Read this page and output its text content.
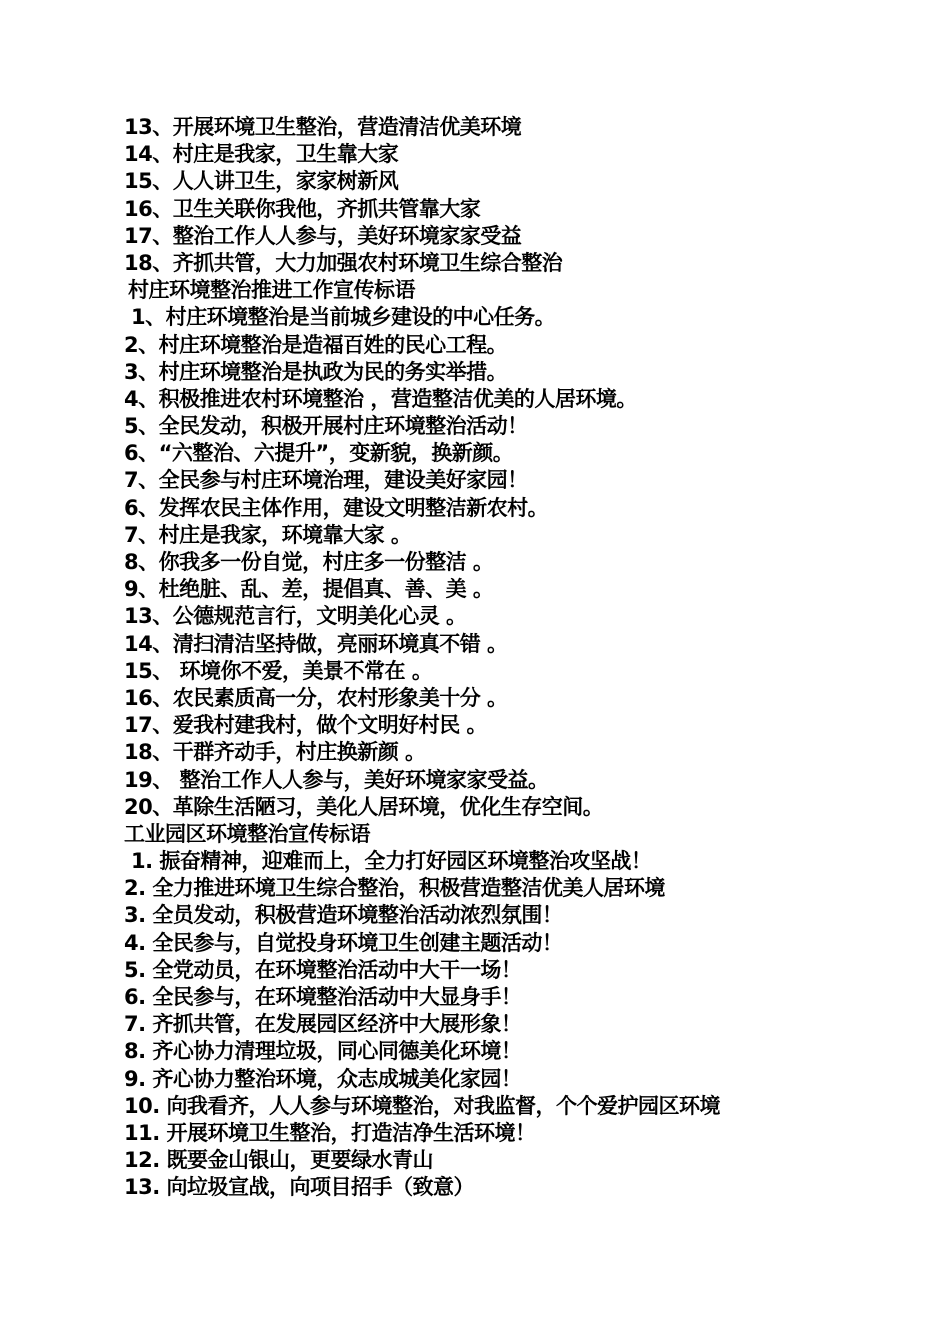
13、开展环境卫生整治，营造清洁优美环境
14、村庄是我家，卫生靠大家
15、人人讲卫生，家家树新风
16、卫生关联你我他，齐抓共管靠大家
17、整治工作人人参与，美好环境家家受益
18、齐抓共管，大力加强农村环境卫生综合整治
村庄环境整治推进工作宣传标语
1、村庄环境整治是当前城乡建设的中心任务。
2、村庄环境整治是造福百姓的民心工程。
3、村庄环境整治是执政为民的务实举措。
4、积极推进农村环境整治 ，营造整洁优美的人居环境。
5、全民发动，积极开展村庄环境整治活动！
6、“六整治、六提升”，变新貌，换新颜。
7、全民参与村庄环境治理，建设美好家园！
6、发挥农民主体作用，建设文明整洁新农村。
7、村庄是我家，环境靠大家 。
8、你我多一份自觉，村庄多一份整洁 。
9、杜绝脏、乱、差，提倡真、善、美 。
13、公德规范言行，文明美化心灵 。
14、清扫清洁坚持做，亮丽环境真不错 。
15、 环境你不爱，美景不常在 。
16、农民素质高一分，农村形象美十分 。
17、爱我村建我村，做个文明好村民 。
18、干群齐动手，村庄换新颜 。
19、 整治工作人人参与，美好环境家家受益。
20、革除生活陋习，美化人居环境，优化生存空间。
工业园区环境整治宣传标语
1. 振奋精神，迎难而上，全力打好园区环境整治攻坚战！
2. 全力推进环境卫生综合整治，积极营造整洁优美人居环境
3. 全员发动，积极营造环境整治活动浓烈氛围！
4. 全民参与，自觉投身环境卫生创建主题活动！
5. 全党动员，在环境整治活动中大干一场！
6. 全民参与，在环境整治活动中大显身手！
7. 齐抓共管，在发展园区经济中大展形象！
8. 齐心协力清理垃圾，同心同德美化环境！
9. 齐心协力整治环境，众志成城美化家园！
10. 向我看齐，人人参与环境整治，对我监督，个个爱护园区环境
11. 开展环境卫生整治，打造洁净生活环境！
12. 既要金山银山，更要绿水青山
13. 向垃圾宣战，向项目招手（致意）
